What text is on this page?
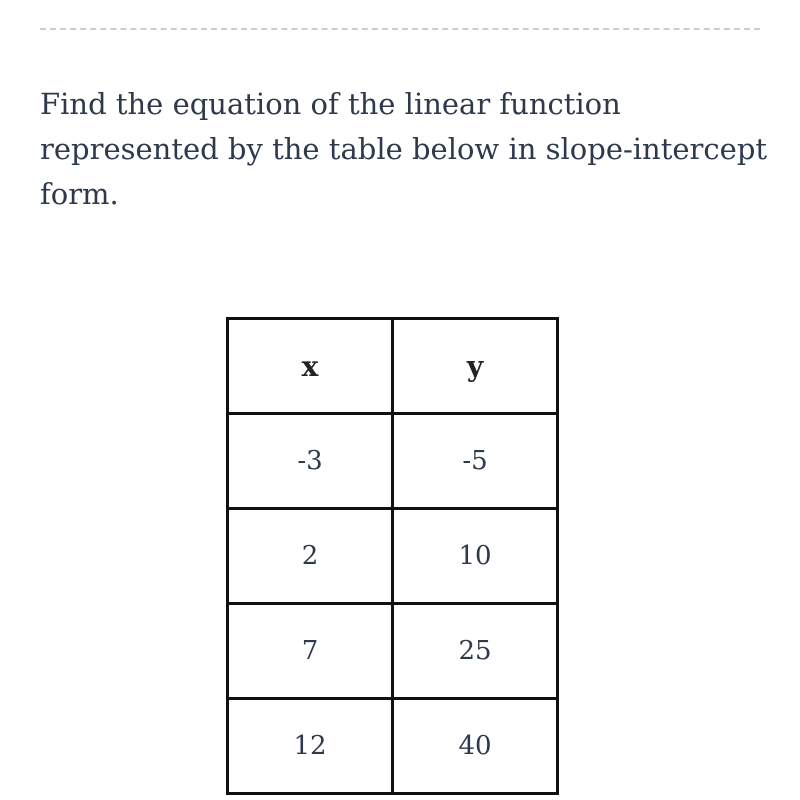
Find the equation of the linear function represented by the table below in slope-intercept form.

x	y
-3	-5
2	10
7	25
12	40
